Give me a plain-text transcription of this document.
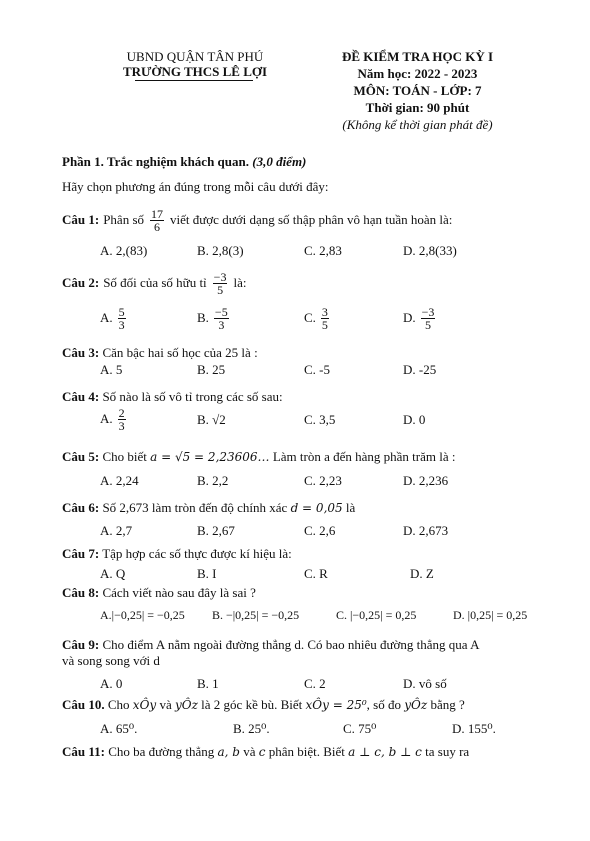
UBND QUẬN TÂN PHÚ
TRƯỜNG THCS LÊ LỢI
ĐỀ KIỂM TRA HỌC KỲ I
Năm học: 2022 - 2023
MÔN: TOÁN - LỚP: 7
Thời gian: 90 phút
(Không kể thời gian phát đề)
Phần 1. Trắc nghiệm khách quan. (3,0 điểm)
Hãy chọn phương án đúng trong mỗi câu dưới đây:
Câu 1: Phân số $\frac{17}{6}$ viết được dưới dạng số thập phân vô hạn tuần hoàn là:
A. 2,(83)	B. 2,8(3)	C. 2,83	D. 2,8(33)
Câu 2: Số đối của số hữu tỉ $\frac{-3}{5}$ là:
A. $\frac{5}{3}$	B. $\frac{-5}{3}$	C. $\frac{3}{5}$	D. $\frac{-3}{5}$
Câu 3: Căn bậc hai số học của 25 là :
A. 5	B. 25	C. -5	D. -25
Câu 4: Số nào là số vô tỉ trong các số sau:
A. $\frac{2}{3}$	B. √2	C. 3,5	D. 0
Câu 5: Cho biết a = √5 = 2,23606… Làm tròn a đến hàng phần trăm là :
A. 2,24	B. 2,2	C. 2,23	D. 2,236
Câu 6: Số 2,673 làm tròn đến độ chính xác d = 0,05 là
A. 2,7	B. 2,67	C. 2,6	D. 2,673
Câu 7: Tập hợp các số thực được kí hiệu là:
A. Q	B. I	C. R	D. Z
Câu 8: Cách viết nào sau đây là sai ?
A.|−0,25| = −0,25 B. −|0,25| = −0,25	C. |−0,25| = 0,25	D. |0,25| = 0,25
Câu 9: Cho điểm A nằm ngoài đường thẳng d. Có bao nhiêu đường thẳng qua A
và song song với d
A. 0	B. 1	C. 2	D. vô số
Câu 10. Cho xÔy và yÔz là 2 góc kề bù. Biết xÔy = 25⁰, số đo yÔz bằng ?
A. 65⁰.	B. 25⁰.	C. 75⁰	D. 155⁰.
Câu 11: Cho ba đường thẳng a, b và c phân biệt. Biết a ⊥ c, b ⊥ c ta suy ra
